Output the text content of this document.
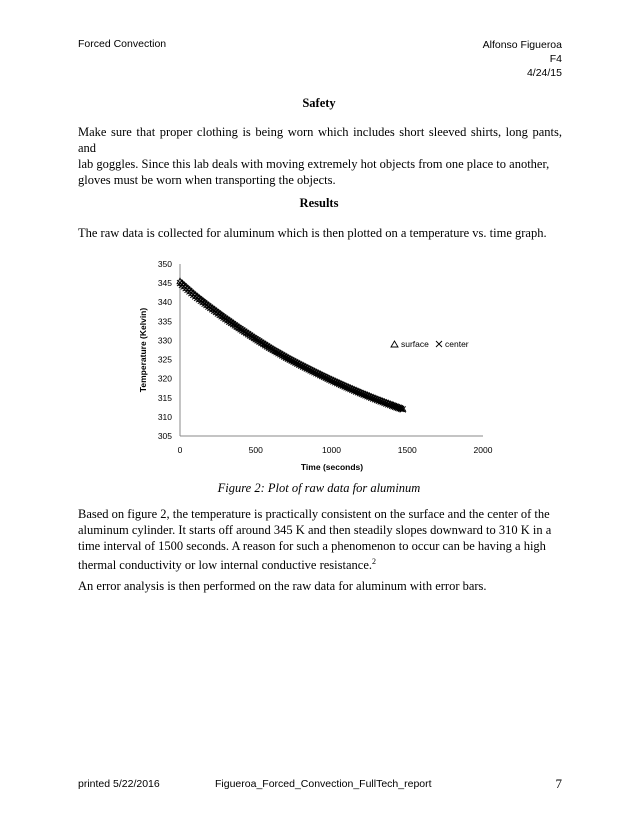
Forced Convection	Alfonso Figueroa
F4
4/24/15
Safety
Make sure that proper clothing is being worn which includes short sleeved shirts, long pants, and
lab goggles. Since this lab deals with moving extremely hot objects from one place to another,
gloves must be worn when transporting the objects.
Results
The raw data is collected for aluminum which is then plotted on a temperature vs. time graph.
305
310
315
320
325
330
335
340
345
350
0	500	1000	1500	2000
Temperature (Kelvin)
Time (seconds)
surface center
Figure 2: Plot of raw data for aluminum
Based on figure 2, the temperature is practically consistent on the surface and the center of the
aluminum cylinder. It starts off around 345 K and then steadily slopes downward to 310 K in a
time interval of 1500 seconds. A reason for such a phenomenon to occur can be having a high
thermal conductivity or low internal conductive resistance.$^2$
An error analysis is then performed on the raw data for aluminum with error bars.
printed 5/22/2016	Figueroa_Forced_Convection_FullTech_report	7
